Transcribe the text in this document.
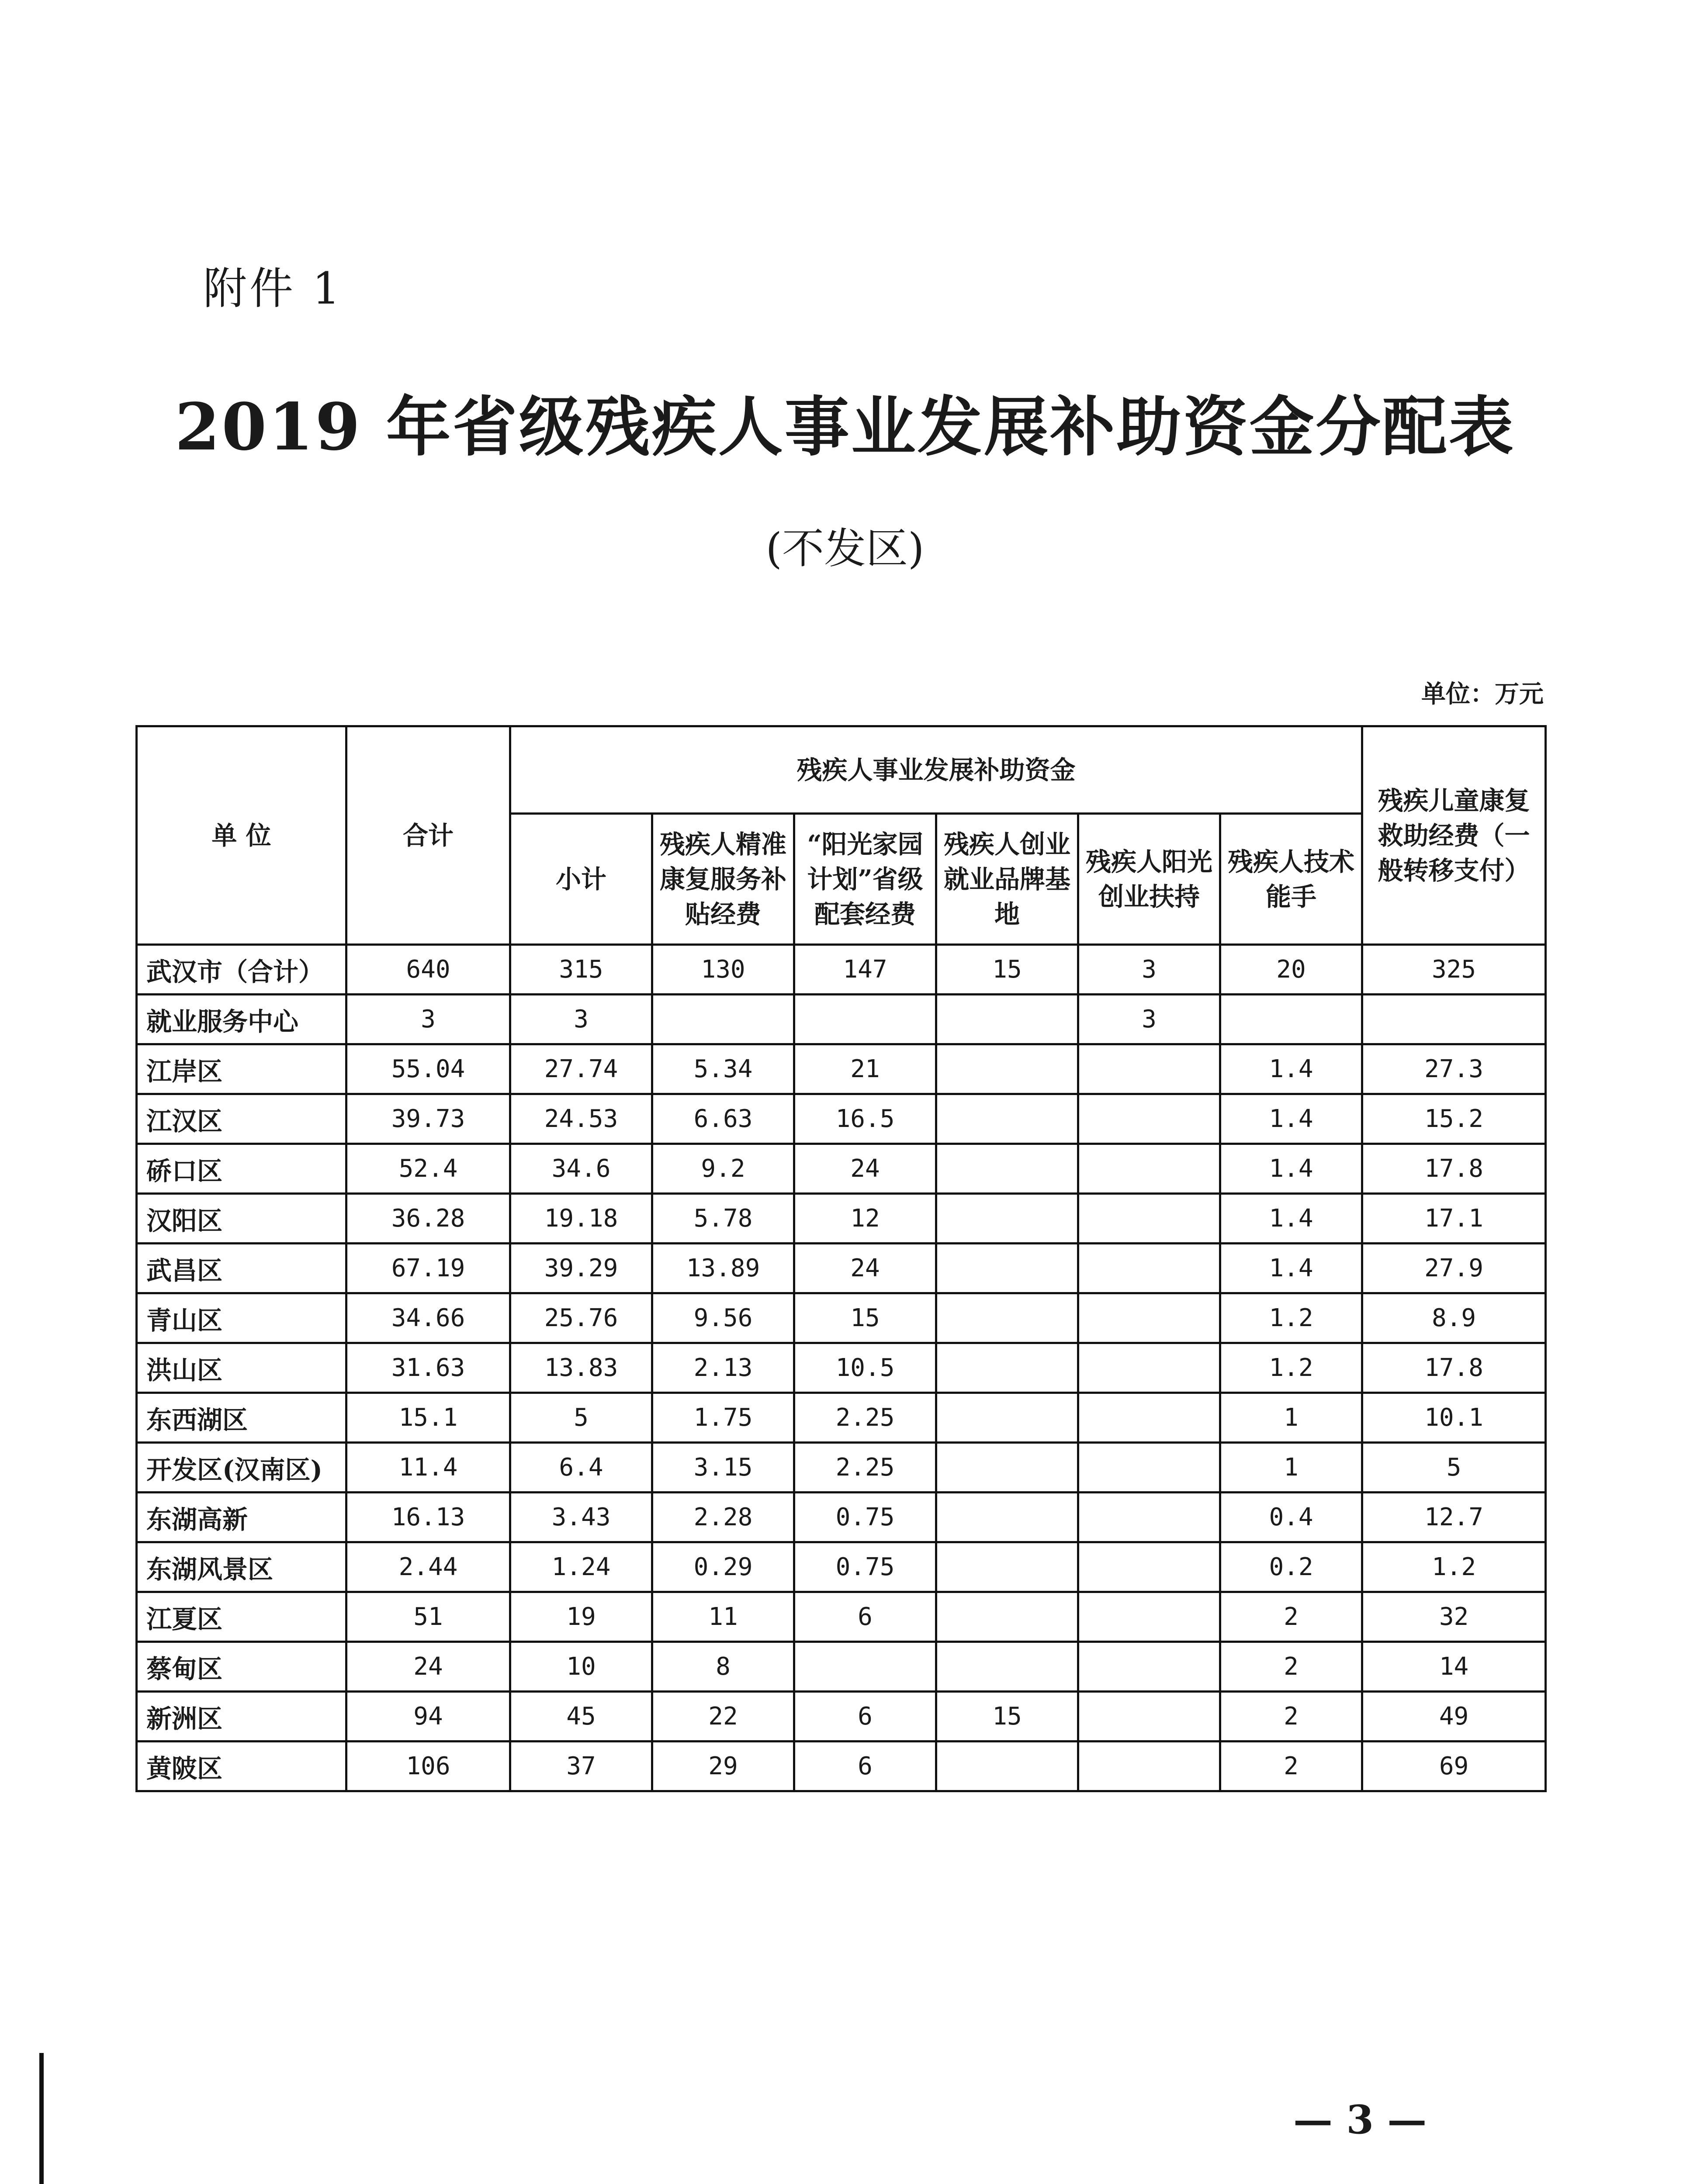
附件 1
2019 年省级残疾人事业发展补助资金分配表
(不发区)
单位：万元
单 位	合计	残疾人事业发展补助资金						残疾儿童康复救助经费（一般转移支付）
		小计	残疾人精准康复服务补贴经费	“阳光家园计划”省级配套经费	残疾人创业就业品牌基地	残疾人阳光创业扶持	残疾人技术能手	
武汉市（合计）	640	315	130	147	15	3	20	325
就业服务中心	3	3				3		
江岸区	55.04	27.74	5.34	21			1.4	27.3
江汉区	39.73	24.53	6.63	16.5			1.4	15.2
硚口区	52.4	34.6	9.2	24			1.4	17.8
汉阳区	36.28	19.18	5.78	12			1.4	17.1
武昌区	67.19	39.29	13.89	24			1.4	27.9
青山区	34.66	25.76	9.56	15			1.2	8.9
洪山区	31.63	13.83	2.13	10.5			1.2	17.8
东西湖区	15.1	5	1.75	2.25			1	10.1
开发区(汉南区)	11.4	6.4	3.15	2.25			1	5
东湖高新	16.13	3.43	2.28	0.75			0.4	12.7
东湖风景区	2.44	1.24	0.29	0.75			0.2	1.2
江夏区	51	19	11	6			2	32
蔡甸区	24	10	8				2	14
新洲区	94	45	22	6	15		2	49
黄陂区	106	37	29	6			2	69
— 3 —
